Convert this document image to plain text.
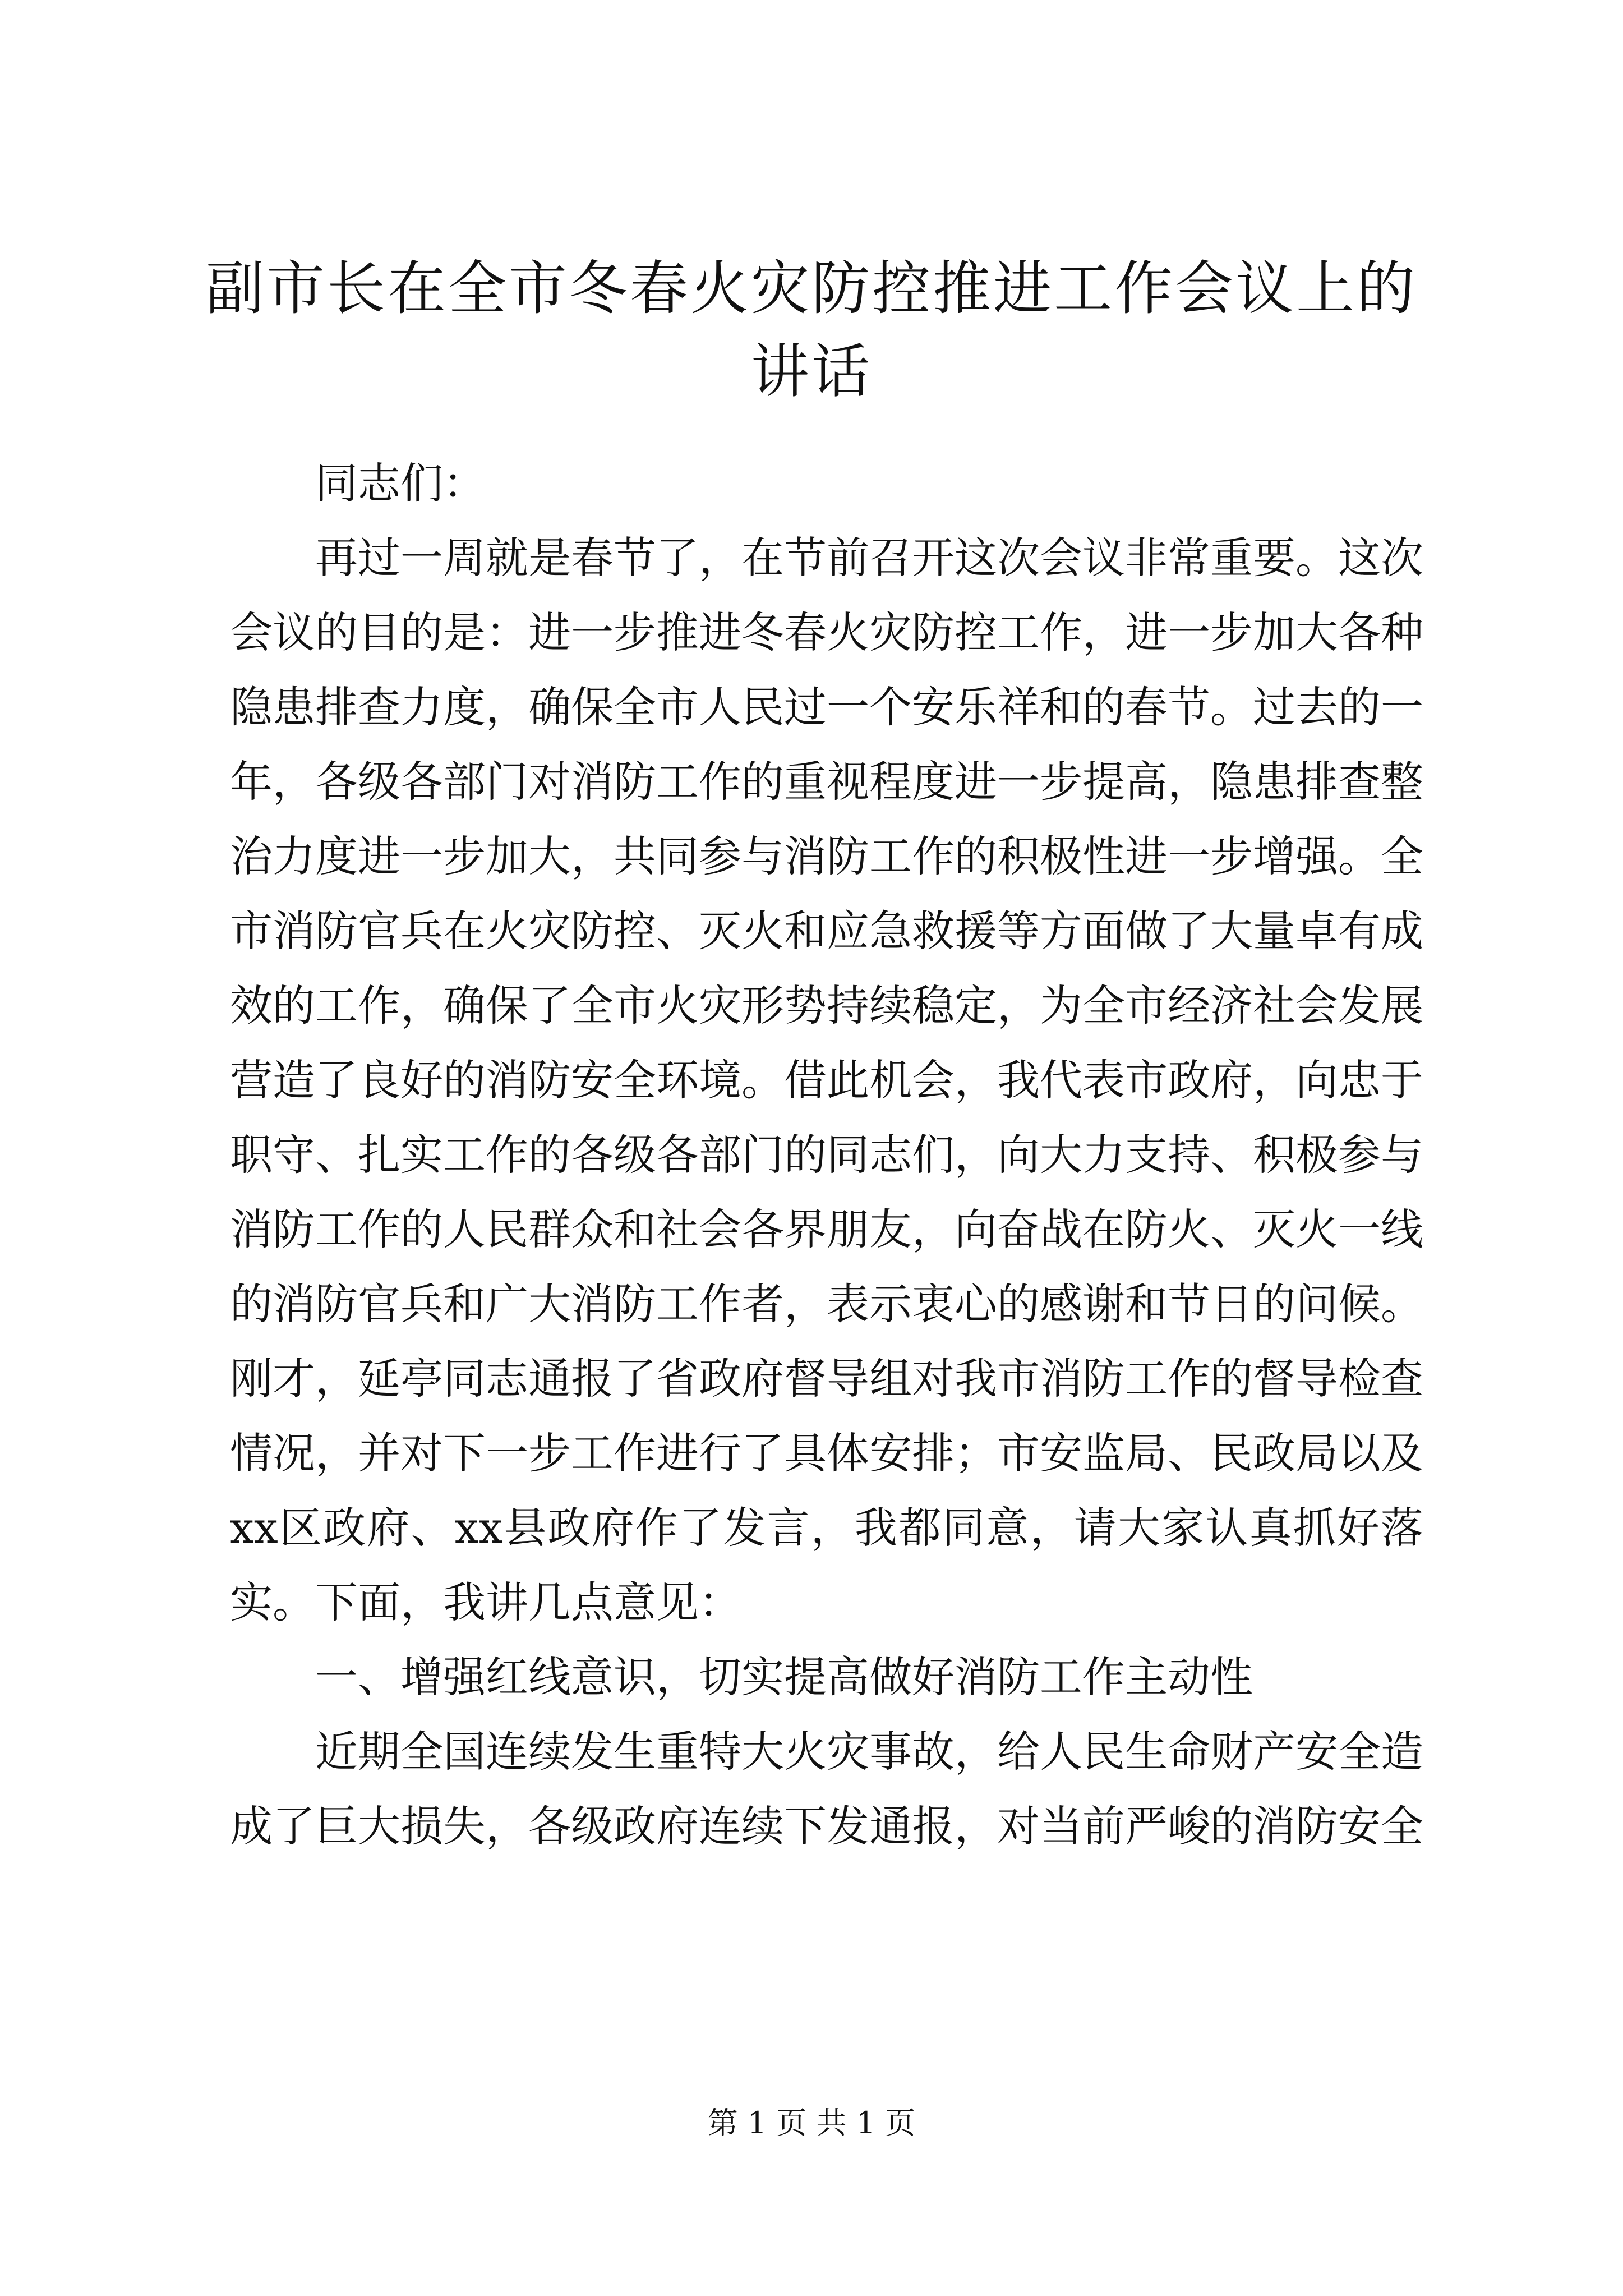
副市长在全市冬春火灾防控推进工作会议上的
讲话

同志们：

再过一周就是春节了，在节前召开这次会议非常重要。这次会议的目的是：进一步推进冬春火灾防控工作，进一步加大各种隐患排查力度，确保全市人民过一个安乐祥和的春节。过去的一年，各级各部门对消防工作的重视程度进一步提高，隐患排查整治力度进一步加大，共同参与消防工作的积极性进一步增强。全市消防官兵在火灾防控、灭火和应急救援等方面做了大量卓有成效的工作，确保了全市火灾形势持续稳定，为全市经济社会发展营造了良好的消防安全环境。借此机会，我代表市政府，向忠于职守、扎实工作的各级各部门的同志们，向大力支持、积极参与消防工作的人民群众和社会各界朋友，向奋战在防火、灭火一线的消防官兵和广大消防工作者，表示衷心的感谢和节日的问候。刚才，延亭同志通报了省政府督导组对我市消防工作的督导检查情况，并对下一步工作进行了具体安排；市安监局、民政局以及xx区政府、xx县政府作了发言，我都同意，请大家认真抓好落实。下面，我讲几点意见：

一、增强红线意识，切实提高做好消防工作主动性

近期全国连续发生重特大火灾事故，给人民生命财产安全造成了巨大损失，各级政府连续下发通报，对当前严峻的消防安全

第 1 页 共 1 页
